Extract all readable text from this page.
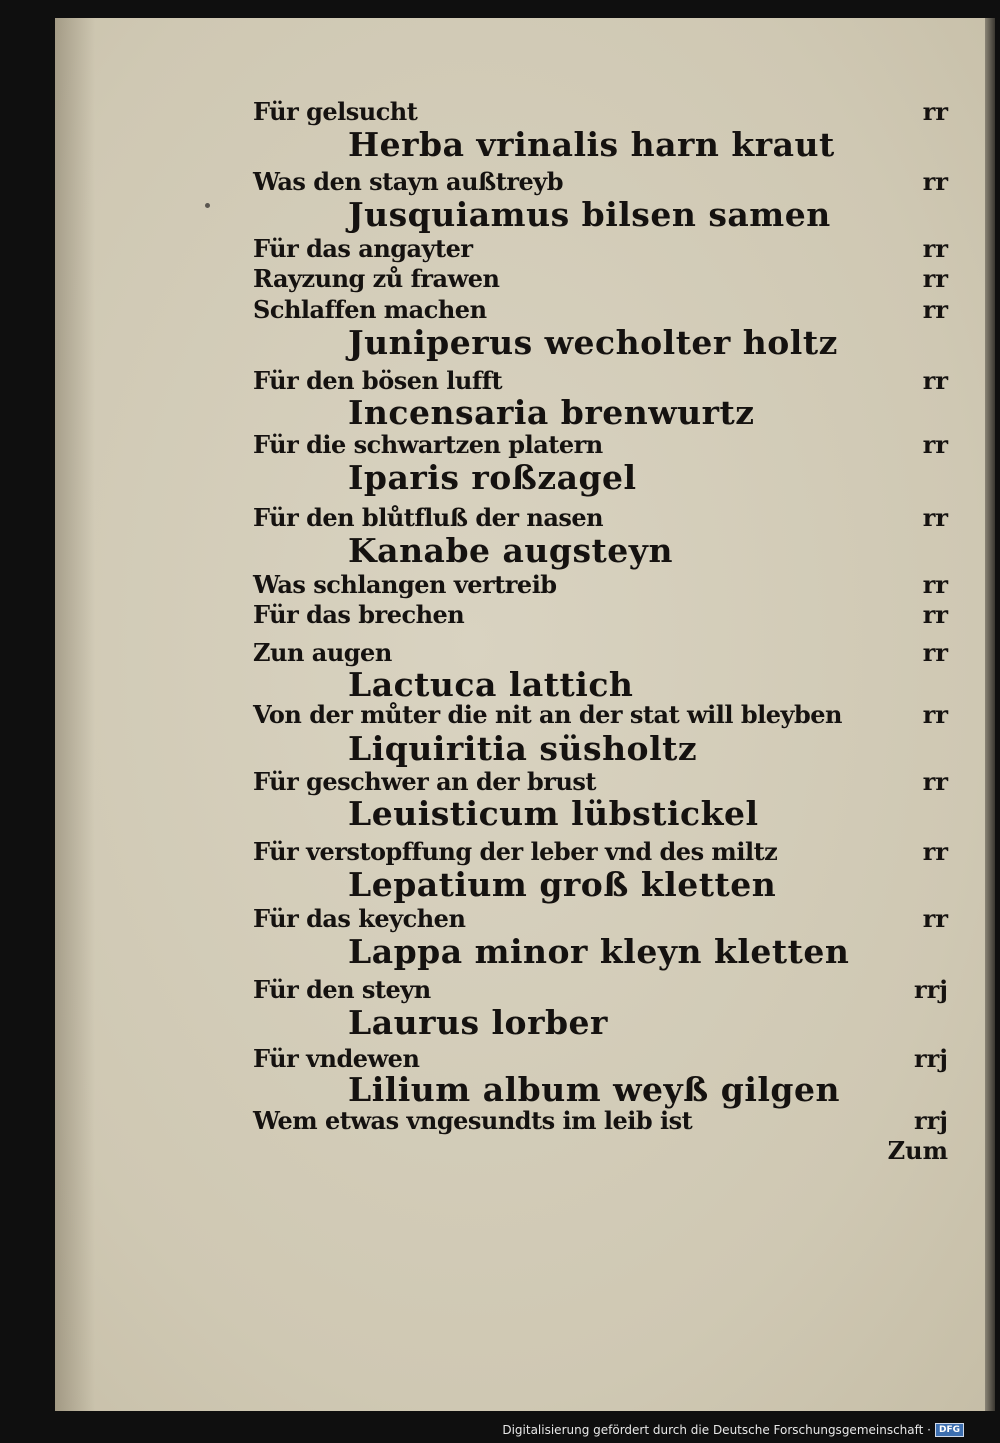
Für gelsucht	rr
Herba vrinalis harn kraut
Was den stayn außtreyb	rr
Jusquiamus bilsen samen
Für das angayter	rr
Rayzung zů frawen	rr
Schlaffen machen	rr
Juniperus wecholter holtz
Für den bösen lufft	rr
Incensaria brenwurtz
Für die schwartzen platern	rr
Iparis roßzagel
Für den blůtfluß der nasen	rr
Kanabe augsteyn
Was schlangen vertreib	rr
Für das brechen	rr
Zun augen	rr
Lactuca lattich
Von der můter die nit an der stat will bleyben	rr
Liquiritia süsholtz
Für geschwer an der brust	rr
Leuisticum lübstickel
Für verstopffung der leber vnd des miltz	rr
Lepatium groß kletten
Für das keychen	rr
Lappa minor kleyn kletten
Für den steyn	rrj
Laurus lorber
Für vndewen	rrj
Lilium album weyß gilgen
Wem etwas vngesundts im leib ist	rrj
Zum
Digitalisierung gefördert durch die Deutsche Forschungsgemeinschaft · DFG
